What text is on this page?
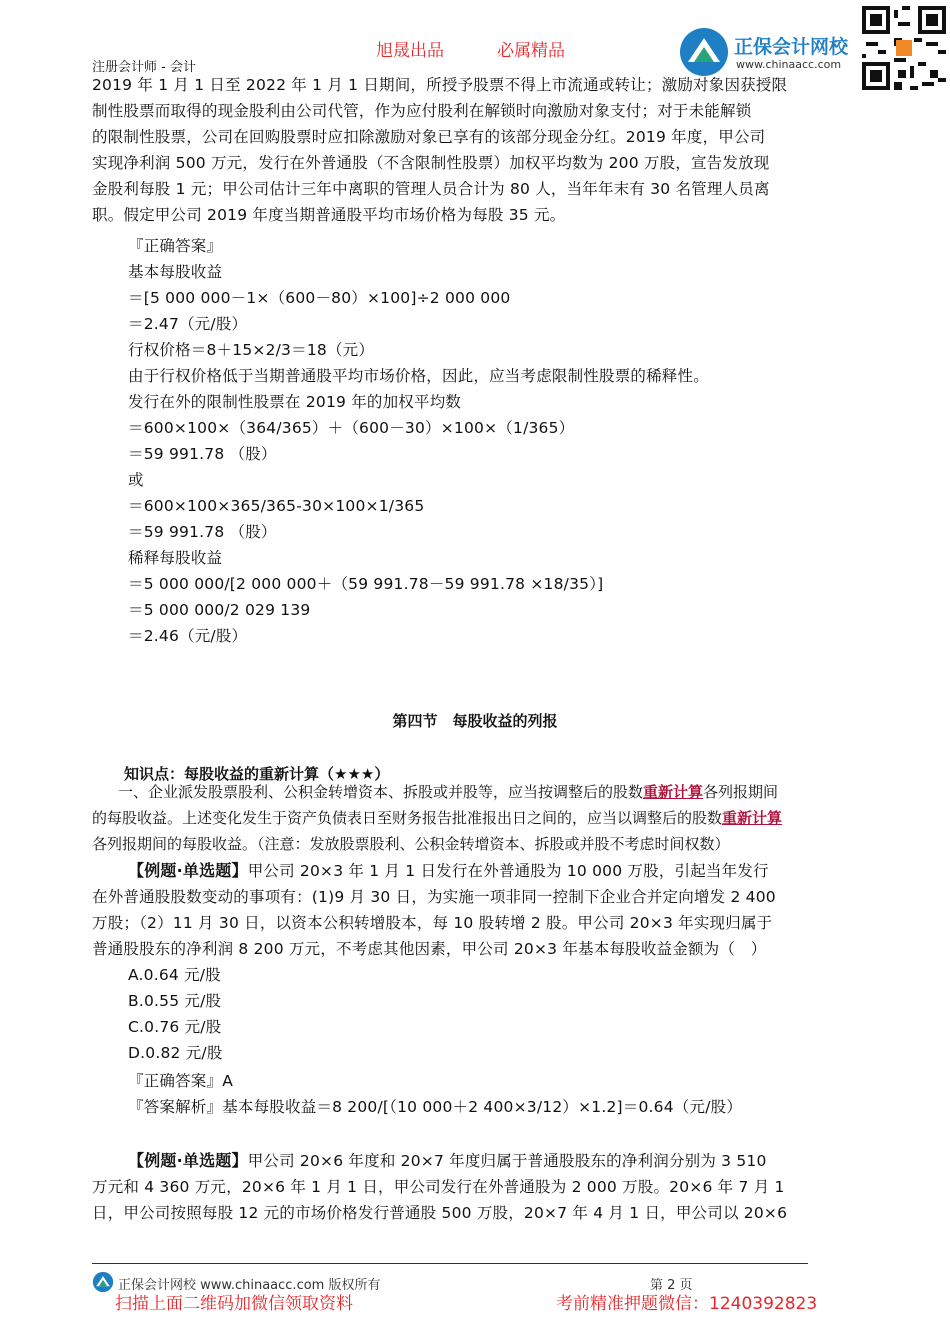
旭晟出品	必属精品
注册会计师 - 会计
正保会计网校
www.chinaacc.com
2019 年 1 月 1 日至 2022 年 1 月 1 日期间，所授予股票不得上市流通或转让；激励对象因获授限
制性股票而取得的现金股利由公司代管，作为应付股利在解锁时向激励对象支付；对于未能解锁
的限制性股票，公司在回购股票时应扣除激励对象已享有的该部分现金分红。2019 年度，甲公司
实现净利润 500 万元，发行在外普通股（不含限制性股票）加权平均数为 200 万股，宣告发放现
金股利每股 1 元；甲公司估计三年中离职的管理人员合计为 80 人，当年年末有 30 名管理人员离
职。假定甲公司 2019 年度当期普通股平均市场价格为每股 35 元。
『正确答案』
基本每股收益
＝[5 000 000－1×（600－80）×100]÷2 000 000
＝2.47（元/股）
行权价格＝8＋15×2/3＝18（元）
由于行权价格低于当期普通股平均市场价格，因此，应当考虑限制性股票的稀释性。
发行在外的限制性股票在 2019 年的加权平均数
＝600×100×（364/365）＋（600－30）×100×（1/365）
＝59 991.78 （股）
或
＝600×100×365/365-30×100×1/365
＝59 991.78 （股）
稀释每股收益
＝5 000 000/[2 000 000＋（59 991.78－59 991.78 ×18/35）]
＝5 000 000/2 029 139
＝2.46（元/股）
第四节　每股收益的列报
知识点：每股收益的重新计算（★★★）
一、企业派发股票股利、公积金转增资本、拆股或并股等，应当按调整后的股数重新计算各列报期间
的每股收益。上述变化发生于资产负债表日至财务报告批准报出日之间的，应当以调整后的股数重新计算
各列报期间的每股收益。（注意：发放股票股利、公积金转增资本、拆股或并股不考虑时间权数）
【例题·单选题】甲公司 20×3 年 1 月 1 日发行在外普通股为 10 000 万股，引起当年发行
在外普通股股数变动的事项有：(1)9 月 30 日，为实施一项非同一控制下企业合并定向增发 2 400
万股；（2）11 月 30 日，以资本公积转增股本，每 10 股转增 2 股。甲公司 20×3 年实现归属于
普通股股东的净利润 8 200 万元，不考虑其他因素，甲公司 20×3 年基本每股收益金额为（　）
A.0.64 元/股
B.0.55 元/股
C.0.76 元/股
D.0.82 元/股
『正确答案』A
『答案解析』基本每股收益＝8 200/[（10 000＋2 400×3/12）×1.2]＝0.64（元/股）
【例题·单选题】甲公司 20×6 年度和 20×7 年度归属于普通股股东的净利润分别为 3 510
万元和 4 360 万元，20×6 年 1 月 1 日，甲公司发行在外普通股为 2 000 万股。20×6 年 7 月 1
日，甲公司按照每股 12 元的市场价格发行普通股 500 万股，20×7 年 4 月 1 日，甲公司以 20×6
正保会计网校 www.chinaacc.com 版权所有	第 2 页
扫描上面二维码加微信领取资料	考前精准押题微信：1240392823
